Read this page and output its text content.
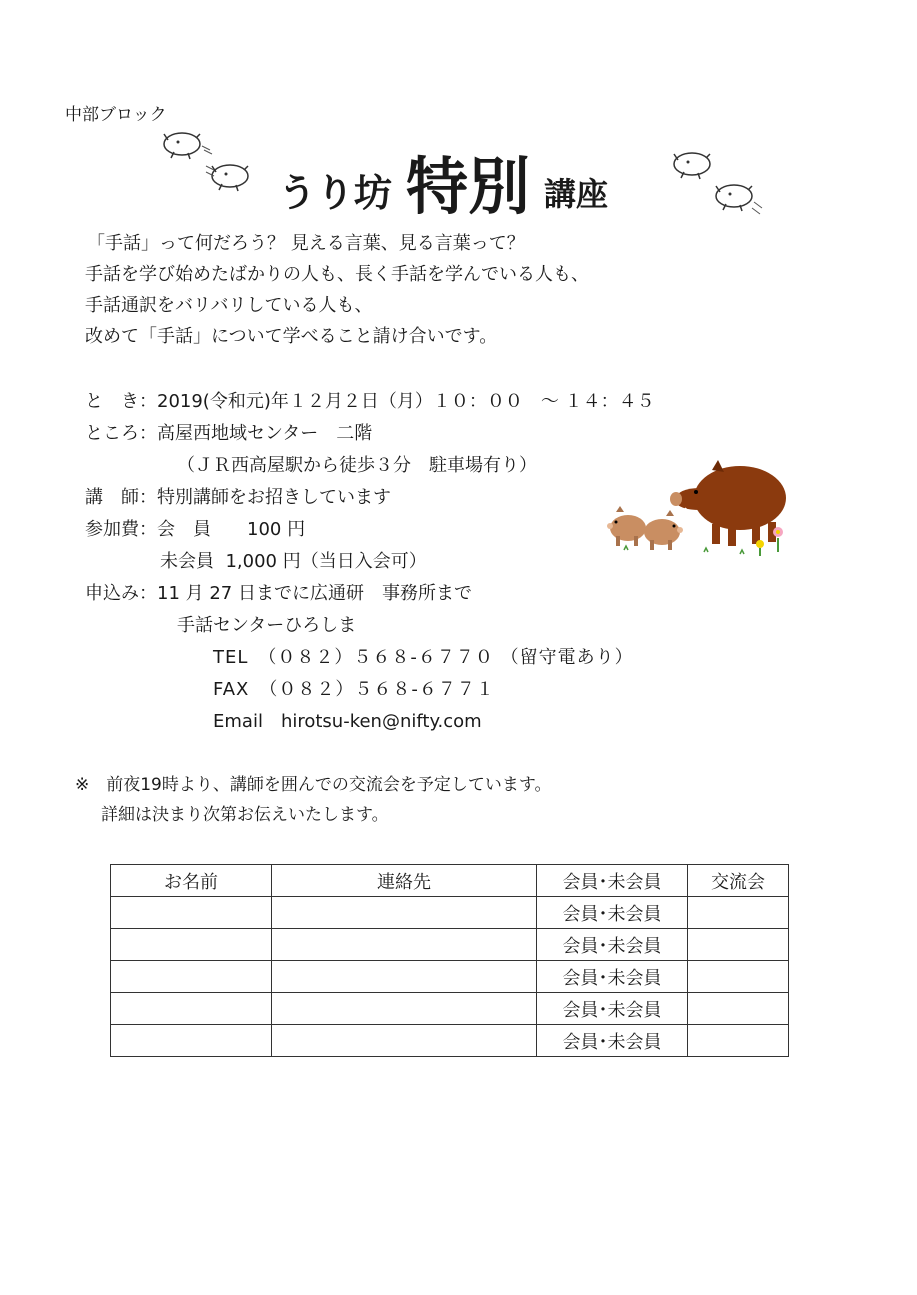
中部ブロック
うり坊 特別 講座
「手話」って何だろう？ 見える言葉、見る言葉って？
手話を学び始めたばかりの人も、長く手話を学んでいる人も、
手話通訳をバリバリしている人も、
改めて「手話」について学べること請け合いです。
と　き：2019(令和元)年１２月２日（月）１０：００　～ １４：４５
ところ：高屋西地域センター　二階
（ＪＲ西高屋駅から徒歩３分　駐車場有り）
講　師：特別講師をお招きしています
参加費：会　員　　100 円
未会員  1,000 円（当日入会可）
申込み：11 月 27 日までに広通研　事務所まで
手話センターひろしま
TEL　（０８２）５６８-６７７０ （留守電あり）
FAX　（０８２）５６８-６７７１
Email　hirotsu-ken@nifty.com
※　前夜19時より、講師を囲んでの交流会を予定しています。
詳細は決まり次第お伝えいたします。
お名前	連絡先	会員･未会員	交流会
		会員･未会員	
		会員･未会員	
		会員･未会員	
		会員･未会員	
		会員･未会員	
